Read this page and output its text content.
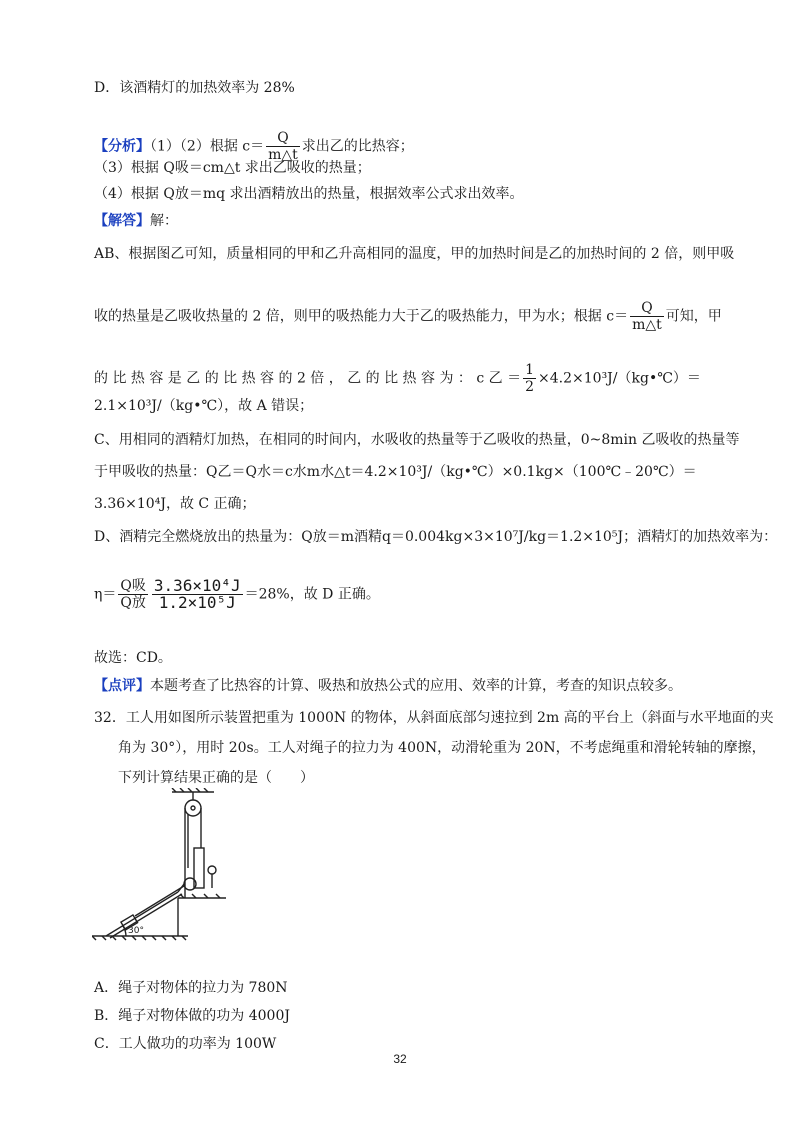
D．该酒精灯的加热效率为 28%
【分析】（1）（2）根据 $c= \frac{Q}{m\triangle t}$ 求出乙的比热容；
（3）根据 Q吸＝cm△t 求出乙吸收的热量；
（4）根据 Q放＝mq 求出酒精放出的热量，根据效率公式求出效率。
【解答】解：
AB、根据图乙可知，质量相同的甲和乙升高相同的温度，甲的加热时间是乙的加热时间的 2 倍，则甲吸
收的热量是乙吸收热量的 2 倍，则甲的吸热能力大于乙的吸热能力，甲为水；根据 $c= \frac{Q}{m\triangle t}$ 可知，甲
的 比 热 容 是 乙 的 比 热 容 的 2 倍 ， 乙 的 比 热 容 为 ： c 乙 ＝ $\frac{1}{2}$ ×4.2×10³J/（kg•℃）＝
2.1×10³J/（kg•℃），故 A 错误；
C、用相同的酒精灯加热，在相同的时间内，水吸收的热量等于乙吸收的热量，0~8min 乙吸收的热量等
于甲吸收的热量：Q乙＝Q水＝c水m水△t＝4.2×10³J/（kg•℃）×0.1kg×（100℃﹣20℃）＝
3.36×10⁴J，故 C 正确；
D、酒精完全燃烧放出的热量为：Q放＝m酒精q＝0.004kg×3×10⁷J/kg＝1.2×10⁵J；酒精灯的加热效率为：
$\eta= \frac{\text{Q吸}}{\text{Q放}} \frac{\text{3.36×10⁴J}}{\text{1.2×10⁵J}} =28\%$，故 D 正确。
故选：CD。
【点评】本题考查了比热容的计算、吸热和放热公式的应用、效率的计算，考查的知识点较多。
32．工人用如图所示装置把重为 1000N 的物体，从斜面底部匀速拉到 2m 高的平台上（斜面与水平地面的夹
角为 30°），用时 20s。工人对绳子的拉力为 400N，动滑轮重为 20N，不考虑绳重和滑轮转轴的摩擦，
下列计算结果正确的是（　　）
30°
A．绳子对物体的拉力为 780N
B．绳子对物体做的功为 4000J
C．工人做功的功率为 100W
32
